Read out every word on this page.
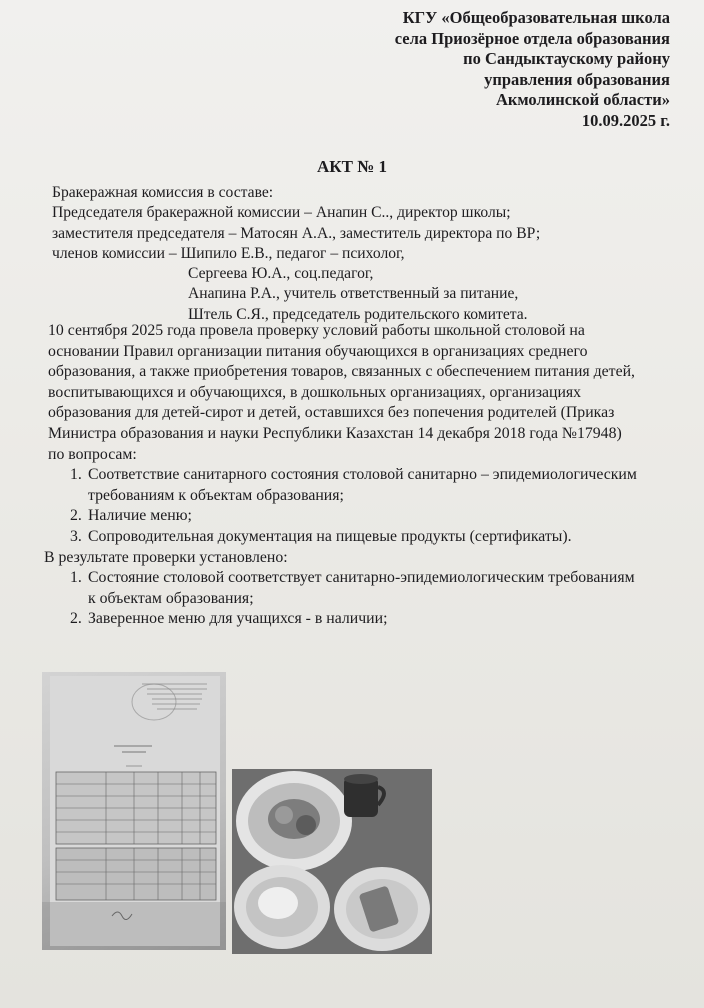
КГУ «Общеобразовательная школа
села Приозёрное отдела образования
по Сандыктаускому району
управления образования
Акмолинской области»
10.09.2025 г.
АКТ № 1
Бракеражная комиссия в составе:
Председателя бракеражной комиссии – Анапин С.., директор школы;
заместителя председателя – Матосян А.А., заместитель директора по ВР;
членов комиссии – Шипило Е.В., педагог – психолог,
Сергеева Ю.А., соц.педагог,
Анапина Р.А., учитель ответственный за питание,
Штель С.Я., председатель родительского комитета.
10 сентября 2025 года провела проверку условий работы школьной столовой на
основании Правил организации питания обучающихся в организациях среднего
образования, а также приобретения товаров, связанных с обеспечением питания детей,
воспитывающихся и обучающихся, в дошкольных организациях, организациях
образования для детей-сирот и детей, оставшихся без попечения родителей (Приказ
Министра образования и науки Республики Казахстан 14 декабря 2018 года №17948)
по вопросам:
1. Соответствие санитарного состояния столовой санитарно – эпидемиологическим
требованиям к объектам образования;
2. Наличие меню;
3. Сопроводительная документация на пищевые продукты (сертификаты).
В результате проверки установлено:
1. Состояние столовой соответствует санитарно-эпидемиологическим требованиям
к объектам образования;
2. Заверенное меню для учащихся - в наличии;
